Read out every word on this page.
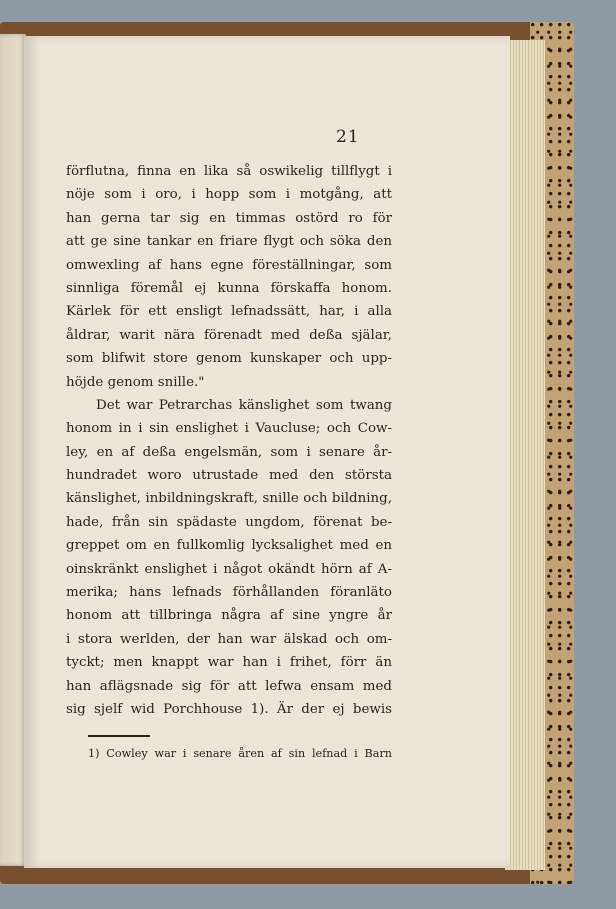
21
förflutna, finna en lika så oswikelig tillflygt i
nöje som i oro, i hopp som i motgång, att
han gerna tar sig en timmas ostörd ro för
att ge sine tankar en friare flygt och söka den
omwexling af hans egne föreställningar, som
sinnliga föremål ej kunna förskaffa honom.
Kärlek för ett ensligt lefnadssätt, har, i alla
åldrar, warit nära förenadt med deßa själar,
som blifwit store genom kunskaper och upp-
höjde genom snille."
Det war Petrarchas känslighet som twang
honom in i sin enslighet i Vaucluse; och Cow-
ley, en af deßa engelsmän, som i senare år-
hundradet woro utrustade med den största
känslighet, inbildningskraft, snille och bildning,
hade, från sin spädaste ungdom, förenat be-
greppet om en fullkomlig lycksalighet med en
oinskränkt enslighet i något okändt hörn af A-
merika; hans lefnads förhållanden föranläto
honom att tillbringa några af sine yngre år
i stora werlden, der han war älskad och om-
tyckt; men knappt war han i frihet, förr än
han aflägsnade sig för att lefwa ensam med
sig sjelf wid Porchhouse 1). Är der ej bewis
1) Cowley war i senare åren af sin lefnad i Barn
